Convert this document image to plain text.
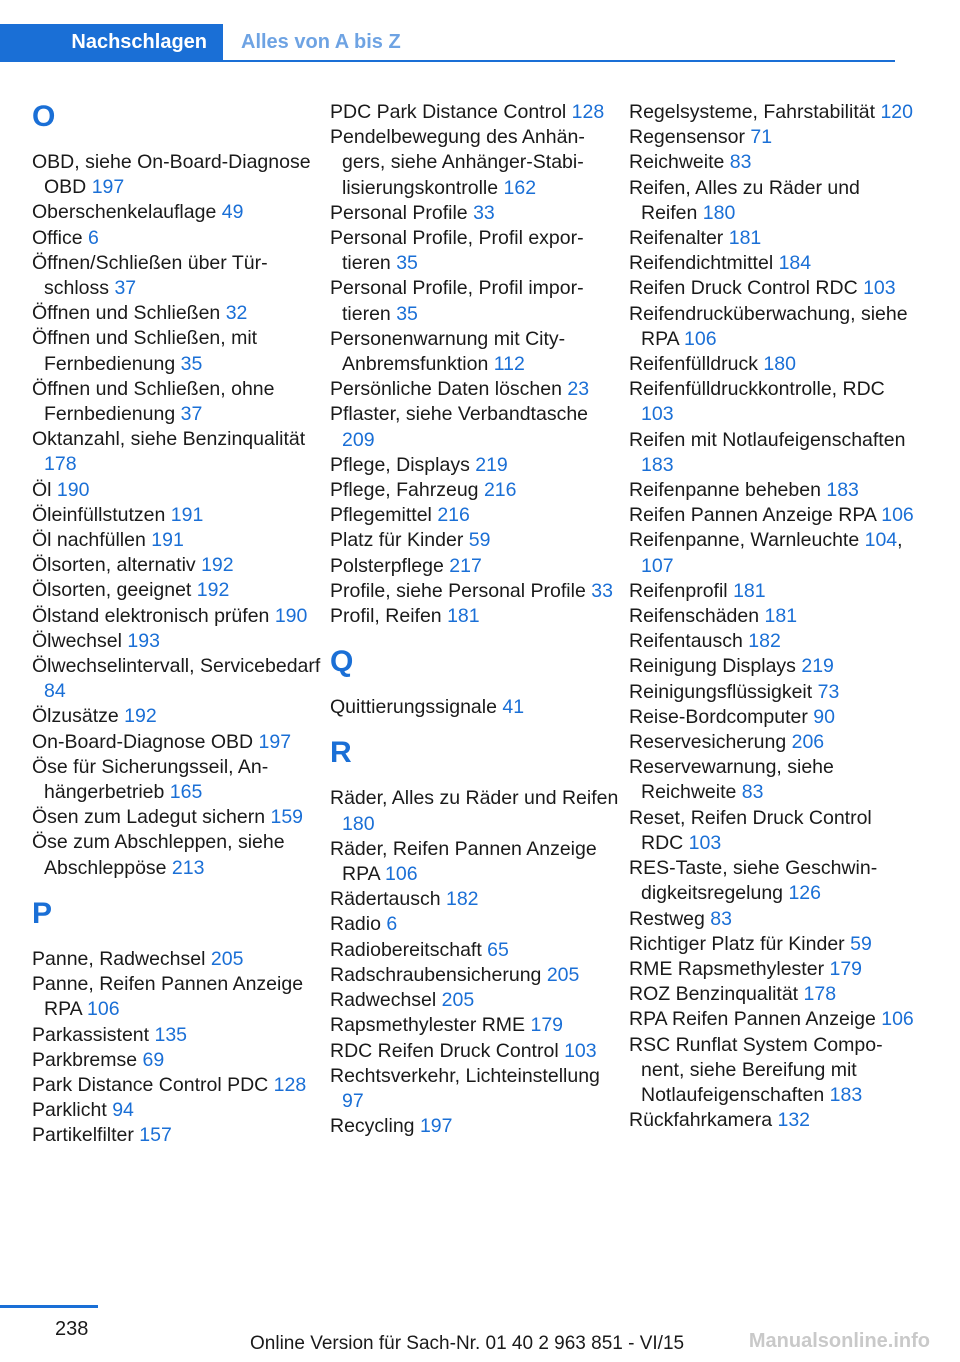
Nachschlagen	Alles von A bis Z
O
OBD, siehe On-Board-Diagnose OBD 197
Oberschenkelauflage 49
Office 6
Öffnen/Schließen über Türschloss 37
Öffnen und Schließen 32
Öffnen und Schließen, mit Fernbedienung 35
Öffnen und Schließen, ohne Fernbedienung 37
Oktanzahl, siehe Benzinqualität 178
Öl 190
Öleinfüllstutzen 191
Öl nachfüllen 191
Ölsorten, alternativ 192
Ölsorten, geeignet 192
Ölstand elektronisch prüfen 190
Ölwechsel 193
Ölwechselintervall, Servicebedarf 84
Ölzusätze 192
On-Board-Diagnose OBD 197
Öse für Sicherungsseil, Anhängerbetrieb 165
Ösen zum Ladegut sichern 159
Öse zum Abschleppen, siehe Abschleppöse 213
P
Panne, Radwechsel 205
Panne, Reifen Pannen Anzeige RPA 106
Parkassistent 135
Parkbremse 69
Park Distance Control PDC 128
Parklicht 94
Partikelfilter 157
PDC Park Distance Control 128
Pendelbewegung des Anhängers, siehe Anhänger-Stabilisierungskontrolle 162
Personal Profile 33
Personal Profile, Profil exportieren 35
Personal Profile, Profil importieren 35
Personenwarnung mit City-Anbremsfunktion 112
Persönliche Daten löschen 23
Pflaster, siehe Verbandtasche 209
Pflege, Displays 219
Pflege, Fahrzeug 216
Pflegemittel 216
Platz für Kinder 59
Polsterpflege 217
Profile, siehe Personal Profile 33
Profil, Reifen 181
Q
Quittierungssignale 41
R
Räder, Alles zu Räder und Reifen 180
Räder, Reifen Pannen Anzeige RPA 106
Rädertausch 182
Radio 6
Radiobereitschaft 65
Radschraubensicherung 205
Radwechsel 205
Rapsmethylester RME 179
RDC Reifen Druck Control 103
Rechtsverkehr, Lichteinstellung 97
Recycling 197
Regelsysteme, Fahrstabilität 120
Regensensor 71
Reichweite 83
Reifen, Alles zu Räder und Reifen 180
Reifenalter 181
Reifendichtmittel 184
Reifen Druck Control RDC 103
Reifendrucküberwachung, siehe RPA 106
Reifenfülldruck 180
Reifenfülldruckkontrolle, RDC 103
Reifen mit Notlaufeigenschaften 183
Reifenpanne beheben 183
Reifen Pannen Anzeige RPA 106
Reifenpanne, Warnleuchte 104, 107
Reifenprofil 181
Reifenschäden 181
Reifentausch 182
Reinigung Displays 219
Reinigungsflüssigkeit 73
Reise-Bordcomputer 90
Reservesicherung 206
Reservewarnung, siehe Reichweite 83
Reset, Reifen Druck Control RDC 103
RES-Taste, siehe Geschwindigkeitsregelung 126
Restweg 83
Richtiger Platz für Kinder 59
RME Rapsmethylester 179
ROZ Benzinqualität 178
RPA Reifen Pannen Anzeige 106
RSC Runflat System Component, siehe Bereifung mit Notlaufeigenschaften 183
Rückfahrkamera 132
238
Online Version für Sach-Nr. 01 40 2 963 851 - VI/15	Manualsonline.info
